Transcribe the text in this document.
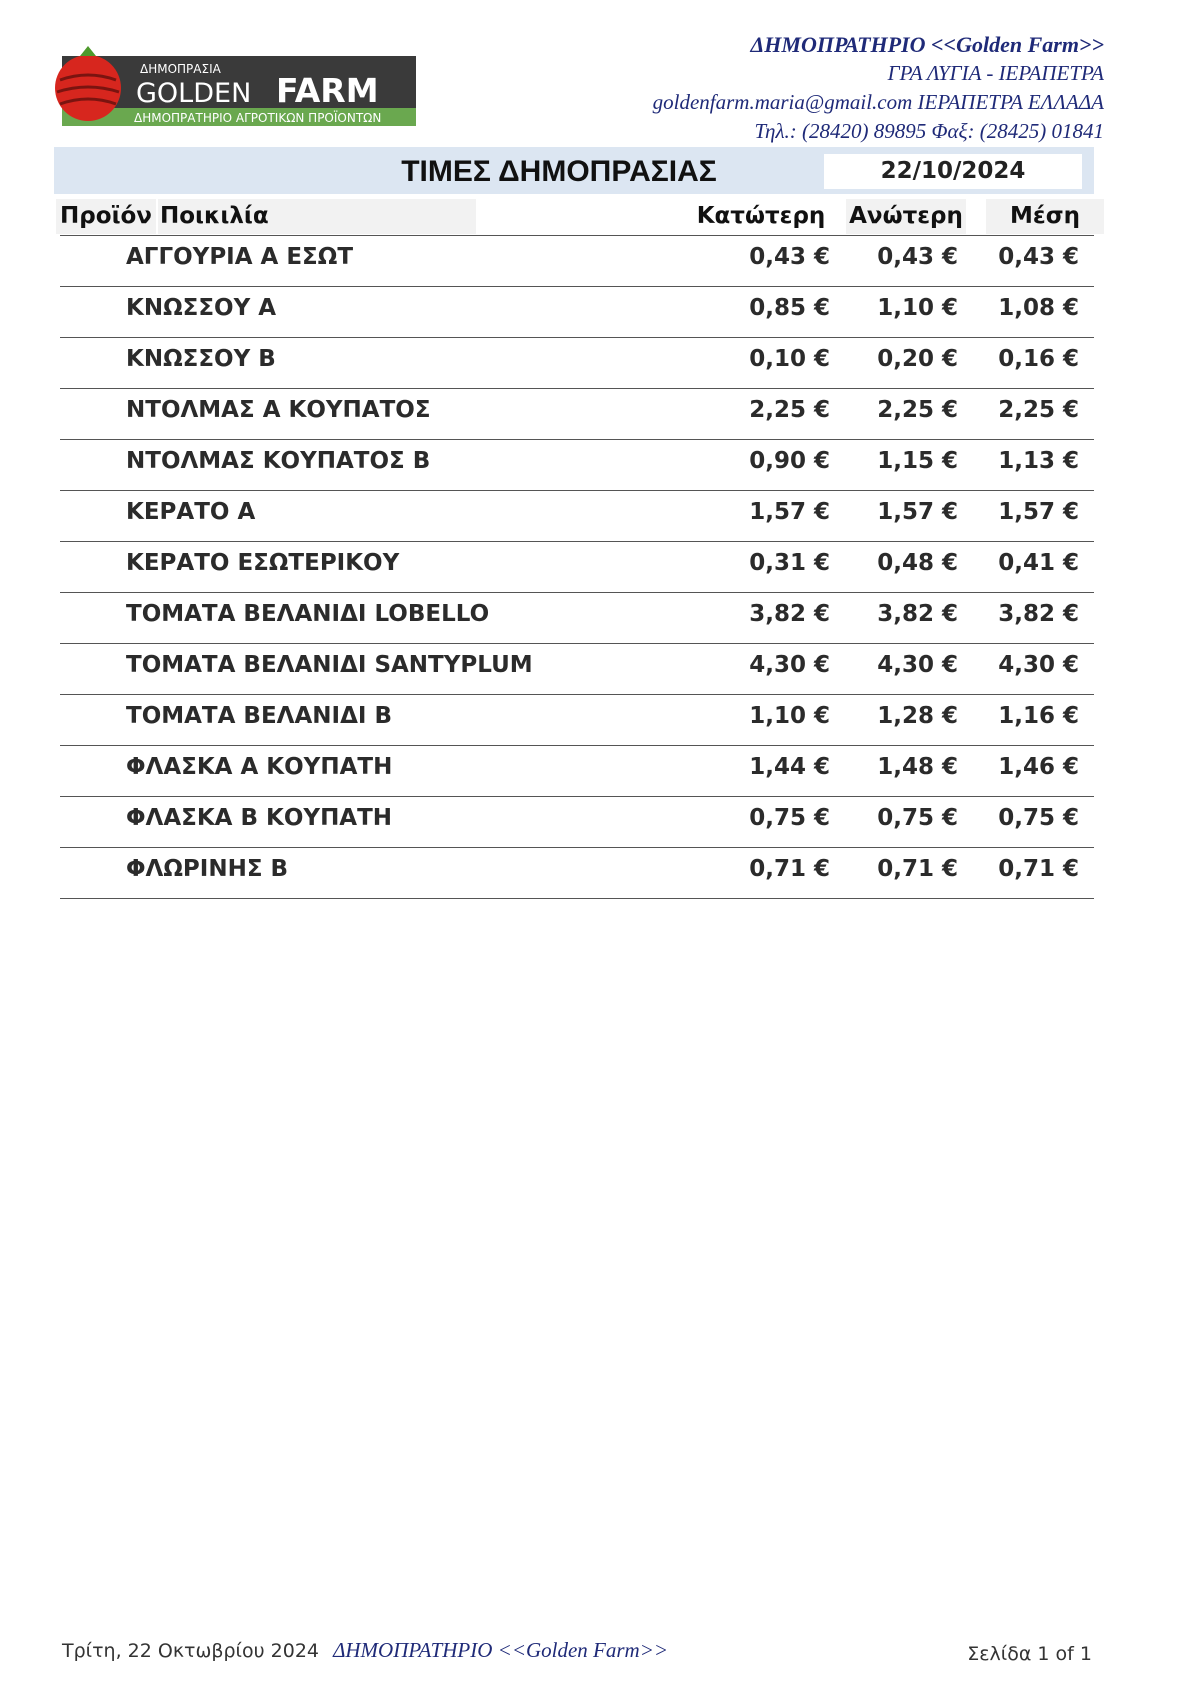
ΔΗΜΟΠΡΑΣΙΑ
GOLDEN FARM
ΔΗΜΟΠΡΑΤΗΡΙΟ ΑΓΡΟΤΙΚΩΝ ΠΡΟΪΟΝΤΩΝ
ΔΗΜΟΠΡΑΤΗΡΙΟ <<Golden Farm>>
ΓΡΑ ΛΥΓΙΑ - ΙΕΡΑΠΕΤΡΑ
goldenfarm.maria@gmail.com ΙΕΡΑΠΕΤΡΑ ΕΛΛΑΔΑ
Τηλ.: (28420) 89895 Φαξ: (28425) 01841
ΤΙΜΕΣ ΔΗΜΟΠΡΑΣΙΑΣ	22/10/2024
Προϊόν Ποικιλία	Κατώτερη Ανώτερη	Μέση
ΑΓΓΟΥΡΙΑ Α ΕΣΩΤ	0,43 € 0,43 € 0,43 €
ΚΝΩΣΣΟΥ Α	0,85 € 1,10 € 1,08 €
ΚΝΩΣΣΟΥ Β	0,10 € 0,20 € 0,16 €
ΝΤΟΛΜΑΣ Α ΚΟΥΠΑΤΟΣ	2,25 € 2,25 € 2,25 €
ΝΤΟΛΜΑΣ ΚΟΥΠΑΤΟΣ Β	0,90 € 1,15 € 1,13 €
ΚΕΡΑΤΟ Α	1,57 € 1,57 € 1,57 €
ΚΕΡΑΤΟ ΕΣΩΤΕΡΙΚΟΥ	0,31 € 0,48 € 0,41 €
ΤΟΜΑΤΑ ΒΕΛΑΝΙΔΙ LOBELLO	3,82 € 3,82 € 3,82 €
ΤΟΜΑΤΑ ΒΕΛΑΝΙΔΙ SANTYPLUM	4,30 € 4,30 € 4,30 €
ΤΟΜΑΤΑ ΒΕΛΑΝΙΔΙ Β	1,10 € 1,28 € 1,16 €
ΦΛΑΣΚΑ Α ΚΟΥΠΑΤΗ	1,44 € 1,48 € 1,46 €
ΦΛΑΣΚΑ Β ΚΟΥΠΑΤΗ	0,75 € 0,75 € 0,75 €
ΦΛΩΡΙΝΗΣ Β	0,71 € 0,71 € 0,71 €
Τρίτη, 22 Οκτωβρίου 2024 ΔΗΜΟΠΡΑΤΗΡΙΟ <<Golden Farm>>	Σελίδα 1 of 1
